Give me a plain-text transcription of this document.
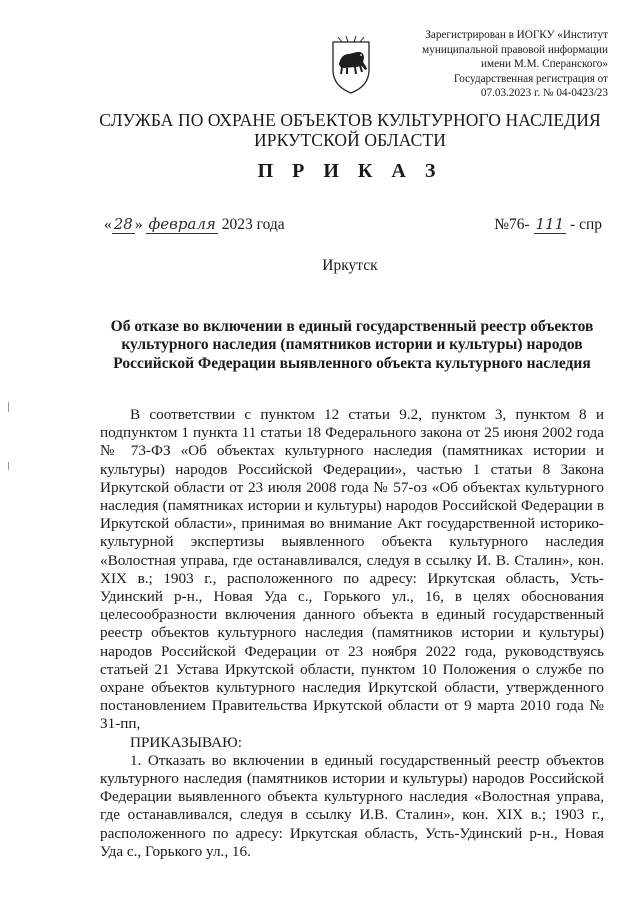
Зарегистрирован в ИОГКУ «Институт
муниципальной правовой информации
имени М.М. Сперанского»
Государственная регистрация от
07.03.2023 г. № 04-0423/23
СЛУЖБА ПО ОХРАНЕ ОБЪЕКТОВ КУЛЬТУРНОГО НАСЛЕДИЯ
ИРКУТСКОЙ ОБЛАСТИ
П Р И К А З
« 28 » февраля 2023 года	№76- 111 - спр
Иркутск
Об отказе во включении в единый государственный реестр объектов культурного наследия (памятников истории и культуры) народов Российской Федерации выявленного объекта культурного наследия

В соответствии с пунктом 12 статьи 9.2, пунктом 3, пунктом 8 и подпунктом 1 пункта 11 статьи 18 Федерального закона от 25 июня 2002 года № 73-ФЗ «Об объектах культурного наследия (памятниках истории и культуры) народов Российской Федерации», частью 1 статьи 8 Закона Иркутской области от 23 июля 2008 года № 57-оз «Об объектах культурного наследия (памятниках истории и культуры) народов Российской Федерации в Иркутской области», принимая во внимание Акт государственной историко-культурной экспертизы выявленного объекта культурного наследия «Волостная управа, где останавливался, следуя в ссылку И. В. Сталин», кон. XIX в.; 1903 г., расположенного по адресу: Иркутская область, Усть-Удинский р-н., Новая Уда с., Горького ул., 16, в целях обоснования целесообразности включения данного объекта в единый государственный реестр объектов культурного наследия (памятников истории и культуры) народов Российской Федерации от 23 ноября 2022 года, руководствуясь статьей 21 Устава Иркутской области, пунктом 10 Положения о службе по охране объектов культурного наследия Иркутской области, утвержденного постановлением Правительства Иркутской области от 9 марта 2010 года № 31-пп,

ПРИКАЗЫВАЮ:

1. Отказать во включении в единый государственный реестр объектов культурного наследия (памятников истории и культуры) народов Российской Федерации выявленного объекта культурного наследия «Волостная управа, где останавливался, следуя в ссылку И.В. Сталин», кон. XIX в.; 1903 г., расположенного по адресу: Иркутская область, Усть-Удинский р-н., Новая Уда с., Горького ул., 16.
